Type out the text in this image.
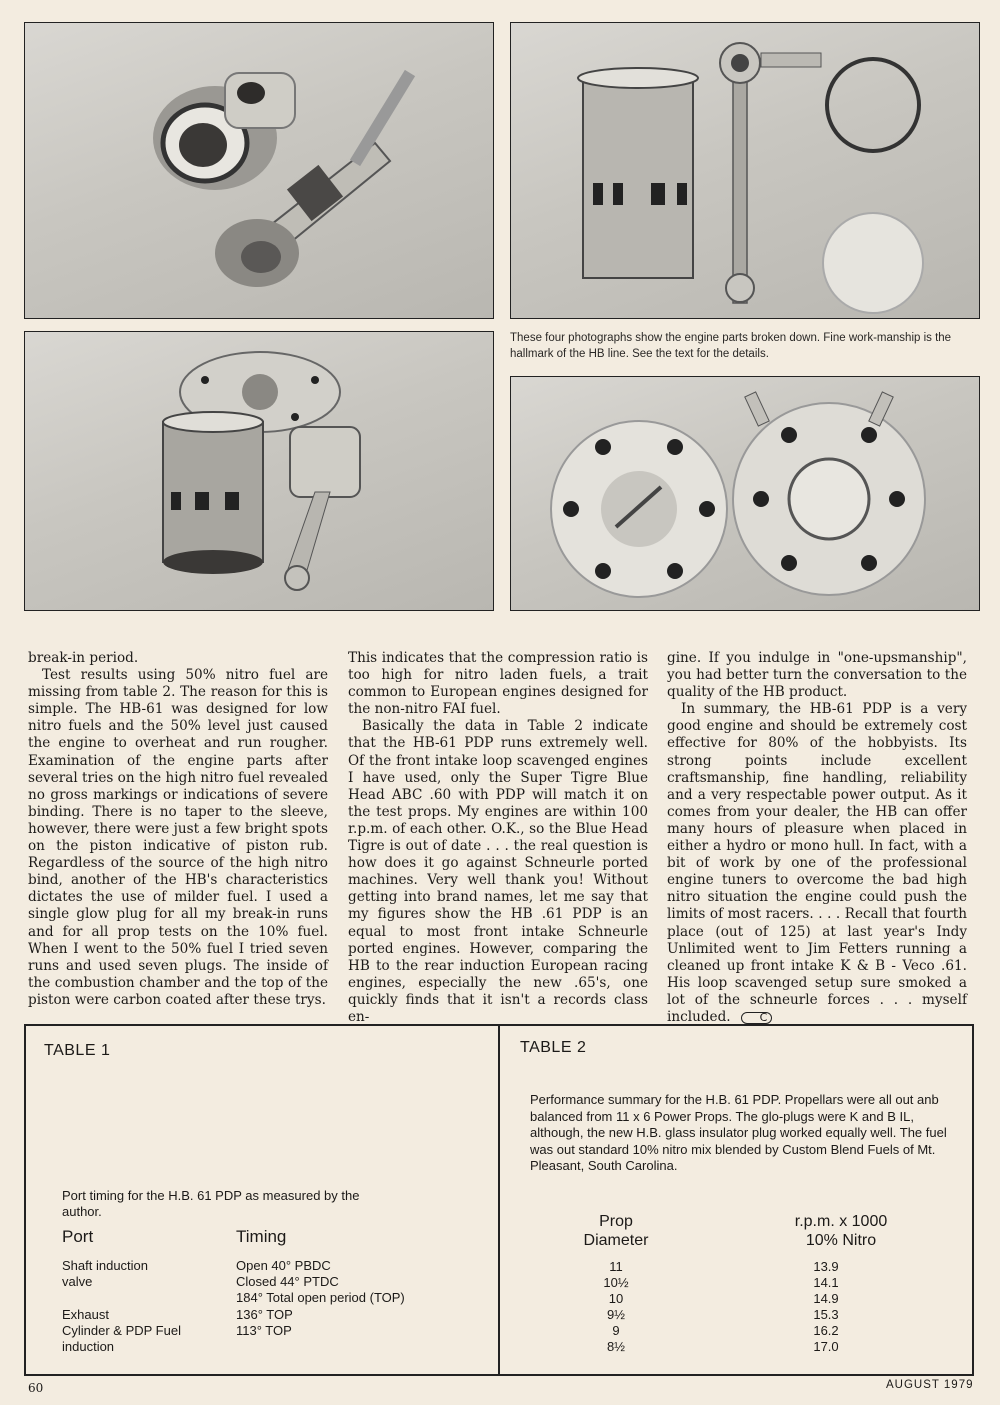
These four photographs show the engine parts broken down. Fine work-manship is the hallmark of the HB line. See the text for the details.

break-in period.

Test results using 50% nitro fuel are missing from table 2. The reason for this is simple. The HB-61 was designed for low nitro fuels and the 50% level just caused the engine to overheat and run rougher. Examination of the engine parts after several tries on the high nitro fuel revealed no gross markings or indications of severe binding. There is no taper to the sleeve, however, there were just a few bright spots on the piston indicative of piston rub. Regardless of the source of the high nitro bind, another of the HB's characteristics dictates the use of milder fuel. I used a single glow plug for all my break-in runs and for all prop tests on the 10% fuel. When I went to the 50% fuel I tried seven runs and used seven plugs. The inside of the combustion chamber and the top of the piston were carbon coated after these trys.

This indicates that the compression ratio is too high for nitro laden fuels, a trait common to European engines designed for the non-nitro FAI fuel.

Basically the data in Table 2 indicate that the HB-61 PDP runs extremely well. Of the front intake loop scavenged engines I have used, only the Super Tigre Blue Head ABC .60 with PDP will match it on the test props. My engines are within 100 r.p.m. of each other. O.K., so the Blue Head Tigre is out of date . . . the real question is how does it go against Schneurle ported machines. Very well thank you! Without getting into brand names, let me say that my figures show the HB .61 PDP is an equal to most front intake Schneurle ported engines. However, comparing the HB to the rear induction European racing engines, especially the new .65's, one quickly finds that it isn't a records class en-

gine. If you indulge in "one-upsmanship", you had better turn the conversation to the quality of the HB product.

In summary, the HB-61 PDP is a very good engine and should be extremely cost effective for 80% of the hobbyists. Its strong points include excellent craftsmanship, fine handling, reliability and a very respectable power output. As it comes from your dealer, the HB can offer many hours of pleasure when placed in either a hydro or mono hull. In fact, with a bit of work by one of the professional engine tuners to overcome the bad high nitro situation the engine could push the limits of most racers. . . . Recall that fourth place (out of 125) at last year's Indy Unlimited went to Jim Fetters running a cleaned up front intake K & B - Veco .61. His loop scavenged setup sure smoked a lot of the schneurle forces . . . myself included.	C

TABLE 1
Port timing for the H.B. 61 PDP as measured by the author.
Port	Timing
Shaft induction	Open 40° PBDC
valve	Closed 44° PTDC
184° Total open period (TOP)
Exhaust	136° TOP
Cylinder & PDP Fuel	113° TOP
induction
TABLE 2
Performance summary for the H.B. 61 PDP. Propellars were all out anb balanced from 11 x 6 Power Props. The glo-plugs were K and B IL, although, the new H.B. glass insulator plug worked equally well. The fuel was out standard 10% nitro mix blended by Custom Blend Fuels of Mt. Pleasant, South Carolina.
Prop
Diameter
r.p.m. x 1000
10% Nitro
11	13.9
10½	14.1
10	14.9
9½	15.3
9	16.2
8½	17.0
60	AUGUST 1979
